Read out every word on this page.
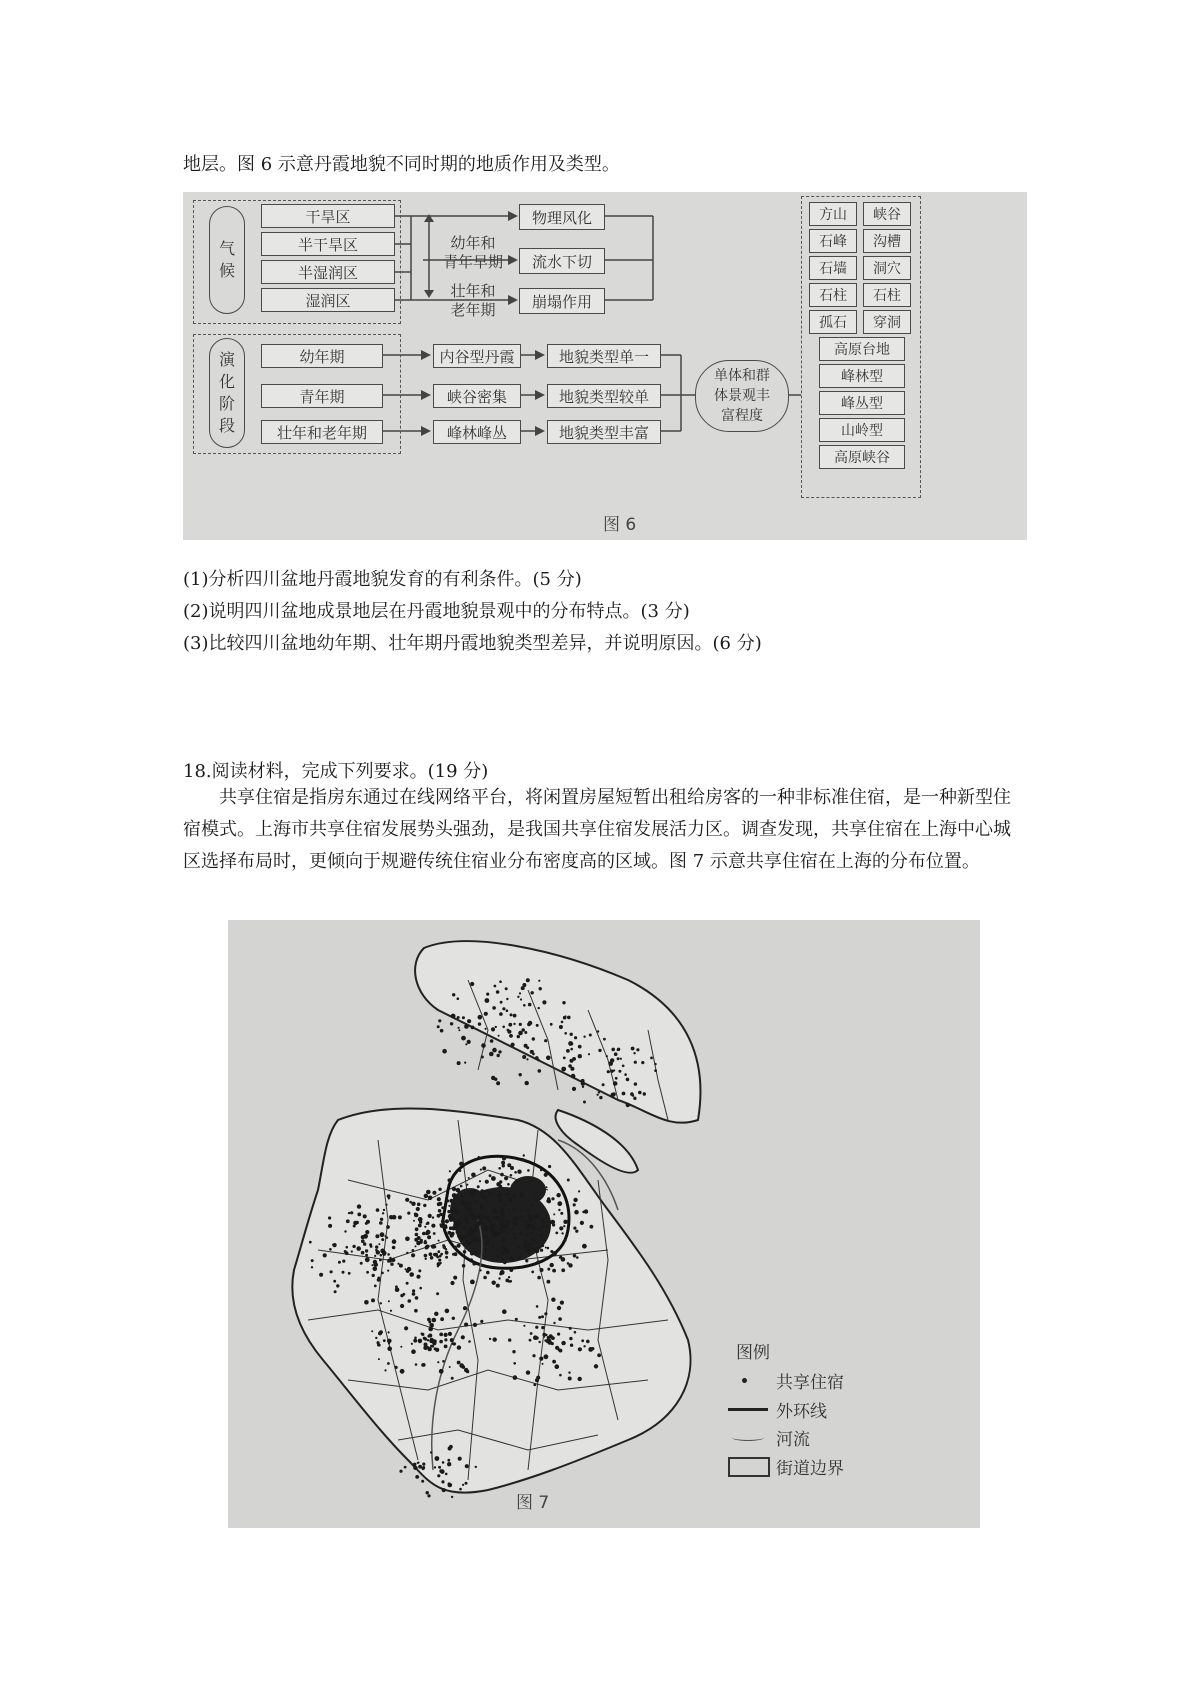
地层。图 6 示意丹霞地貌不同时期的地质作用及类型。

气
候
干旱区
半干旱区
半湿润区
湿润区
幼年和
青年早期
壮年和
老年期
物理风化
流水下切
崩塌作用
演
化
阶
段
幼年期
青年期
壮年和老年期
内谷型丹霞
峡谷密集
峰林峰丛
地貌类型单一
地貌类型较单
地貌类型丰富
单体和群
体景观丰
富程度
方山	峡谷
石峰	沟槽
石墙	洞穴
石柱	石柱
孤石	穿洞
高原台地
峰林型
峰丛型
山岭型
高原峡谷
图 6

(1)分析四川盆地丹霞地貌发育的有利条件。(5 分)

(2)说明四川盆地成景地层在丹霞地貌景观中的分布特点。(3 分)

(3)比较四川盆地幼年期、壮年期丹霞地貌类型差异，并说明原因。(6 分)

18.阅读材料，完成下列要求。(19 分)

共享住宿是指房东通过在线网络平台，将闲置房屋短暂出租给房客的一种非标准住宿，是一种新型住宿模式。上海市共享住宿发展势头强劲，是我国共享住宿发展活力区。调查发现，共享住宿在上海中心城区选择布局时，更倾向于规避传统住宿业分布密度高的区域。图 7 示意共享住宿在上海的分布位置。

图例
共享住宿
外环线
河流
街道边界
图 7
